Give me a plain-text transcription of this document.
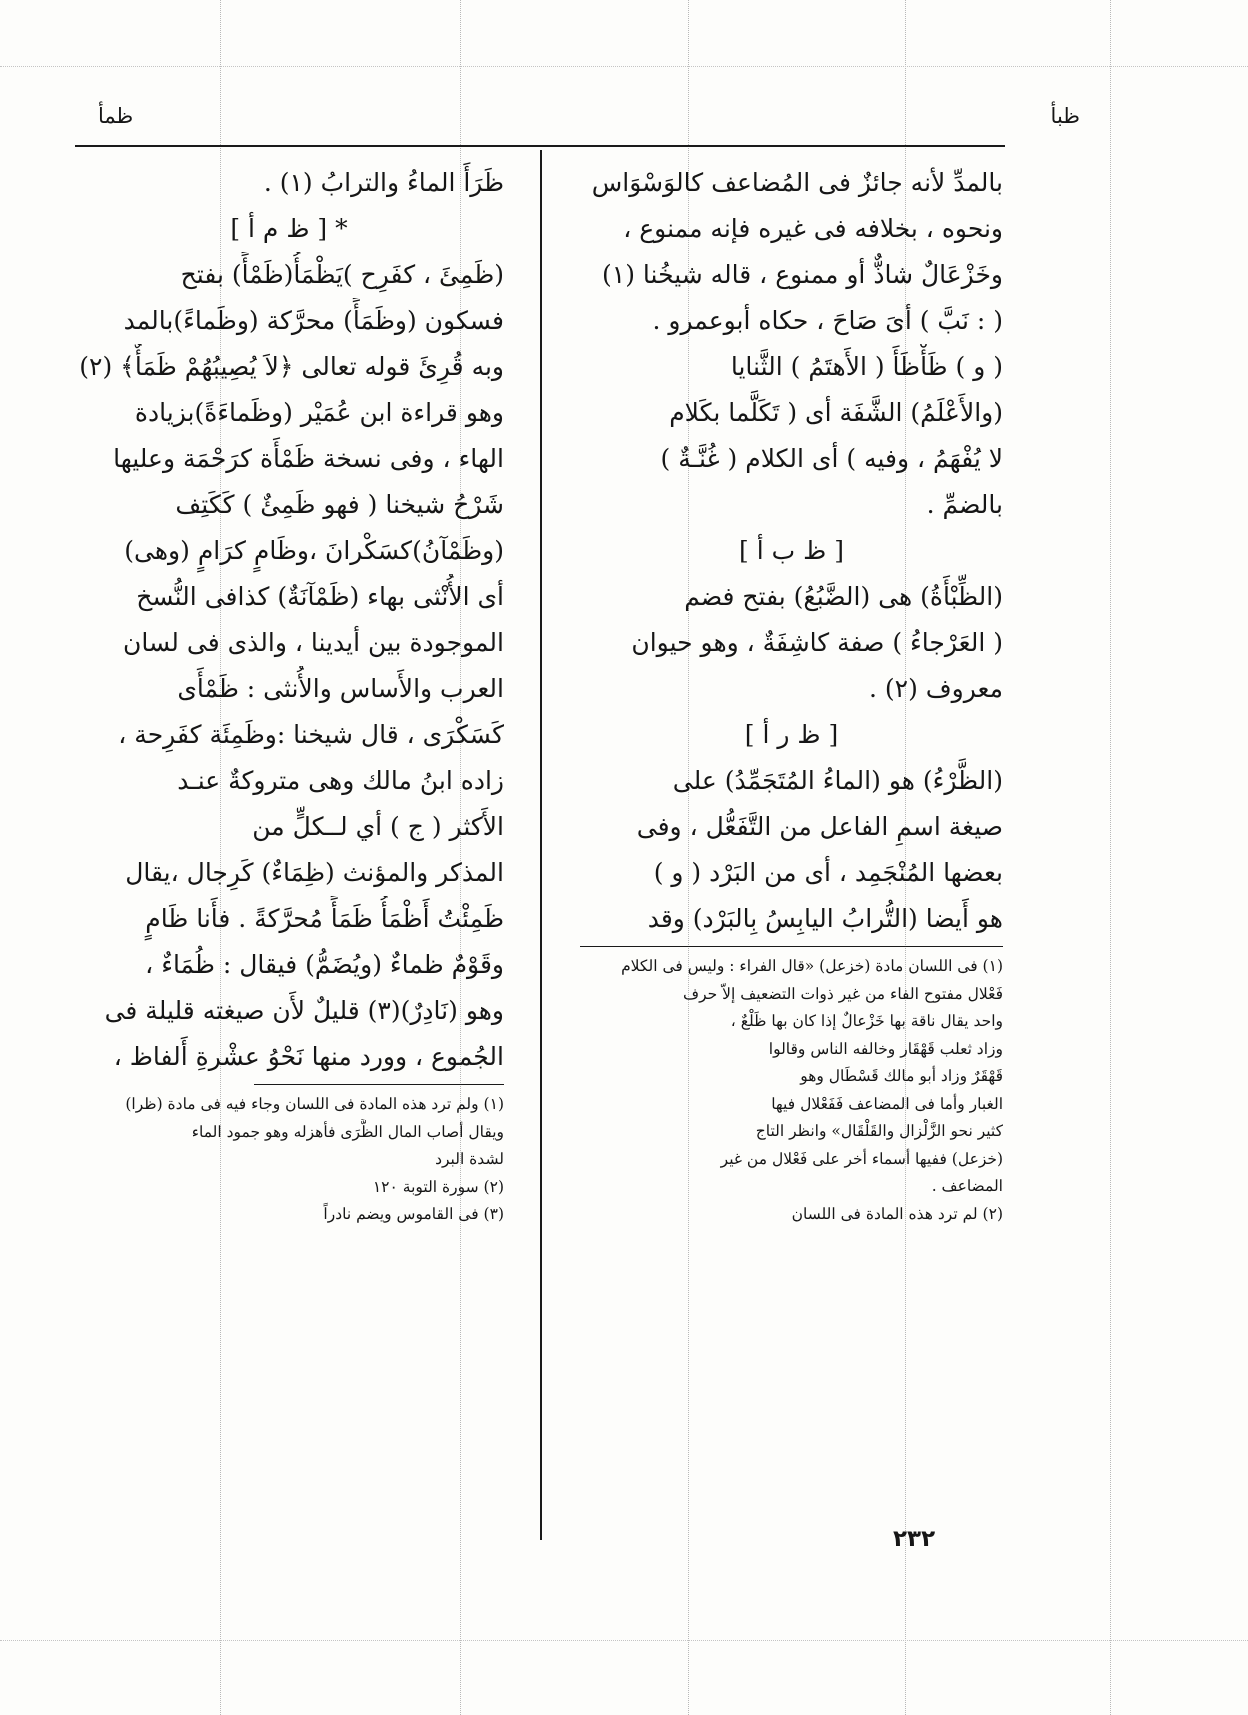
ظبأ
ظمأ
بالمدِّ لأنه جائزٌ فى المُضاعف كالوَسْوَاس
ونحوه ، بخلافه فى غيره فإنه ممنوع ،
وخَزْعَالٌ شاذٌّ أو ممنوع ، قاله شيخُنا (١)
( : نَبَّ ) أىَ صَاحَ ، حكاه أبوعمرو .
( و ) ظَأْظَأَ ( الأَهتَمُ ) الثَّنايا
(والأَعْلَمُ) الشَّفَة أى ( تَكَلَّما بكَلام
لا يُفْهَمُ ، وفيه ) أى الكلام ( غُنَّـةٌ )
بالضمِّ .
[ ظ ب أ ]
(الظِّبْأَةُ) هى (الضَّبُعُ) بفتح فضم
( العَرْجاءُ ) صفة كاشِفَةٌ ، وهو حيوان
معروف (٢) .
[ ظ ر أ ]
(الظَّرْءُ) هو (الماءُ المُتَجَمِّدُ) على
صيغة اسمِ الفاعل من التَّفَعُّل ، وفى
بعضها المُنْجَمِد ، أى من البَرْد ( و )
هو أَيضا (التُّرابُ اليابِسُ بِالبَرْد) وقد
(١) فى اللسان مادة (خزعل) «قال الفراء : وليس فى الكلام
فَعْلال مفتوح الفاء من غير ذوات التضعيف إلاّ حرف
واحد يقال ناقة بها خَزْعالٌ إذا كان بها ظَلْعٌ ،
وزاد ثعلب قَهْقَار وخالفه الناس وقالوا
قَهْقَرٌ وزاد أبو مالك قَسْطَال وهو
الغبار وأما فى المضاعف فَفَعْلال فيها
كثير نحو الزَّلْزال والقَلْقَال» وانظر التاج
(خزعل) ففيها أسماء أخر على فَعْلال من غير
المضاعف .
(٢) لم ترد هذه المادة فى اللسان
ظَرَأَ الماءُ والترابُ (١) .
* [ ظ م أ ]
(ظَمِئَ ، كفَرِح )يَظْمَأُ(ظَمْأً) بفتح
فسكون (وظَمَأً) محرَّكة (وظَماءً)بالمد
وبه قُرِئَ قوله تعالى ﴿لاَ يُصِيبُهُمْ ظَمَأٌ﴾ (٢)
وهو قراءة ابن عُمَيْر (وظَماءَةً)بزيادة
الهاء ، وفى نسخة ظَمْأَة كرَحْمَة وعليها
شَرْحُ شيخنا ( فهو ظَمِئٌ ) كَكَتِف
(وظَمْآنُ)كسَكْرانَ ،وظَامٍ كرَامٍ (وهى)
أى الأُنْثى بهاء (ظَمْآنَةٌ) كذافى النُّسخ
الموجودة بين أيدينا ، والذى فى لسان
العرب والأَساس والأُنثى : ظَمْأَى
كَسَكْرَى ، قال شيخنا :وظَمِئَة كفَرِحة ،
زاده ابنُ مالك وهى متروكةٌ عنـد
الأَكثر ( ج ) أي لــكلٍّ من
المذكر والمؤنث (ظِمَاءٌ) كَرِجال ،يقال
ظَمِئْتُ أَظْمَأُ ظَمَأً مُحرَّكةً . فأَنا ظَامٍ
وقَوْمٌ ظماءٌ (ويُضَمُّ) فيقال : ظُمَاءٌ ،
وهو (نَادِرٌ)(٣) قليلٌ لأَن صيغته قليلة فى
الجُموع ، وورد منها نَحْوُ عشْرةِ أَلفاظ ،
(١) ولم ترد هذه المادة فى اللسان وجاء فيه فى مادة (ظرا)
ويقال أصاب المال الظَّرَى فأهزله وهو جمود الماء
لشدة البرد
(٢) سورة التوبة ١٢٠
(٣) فى القاموس ويضم نادراً
٢٣٢
